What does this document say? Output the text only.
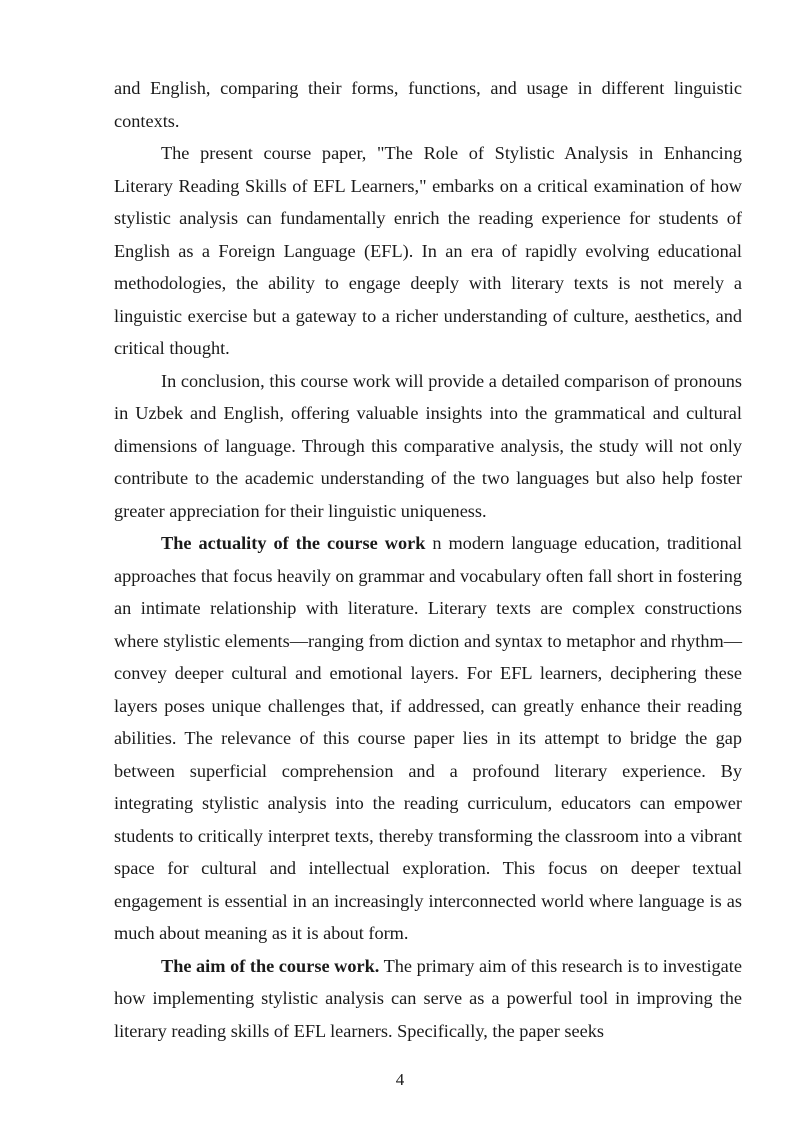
and English, comparing their forms, functions, and usage in different linguistic contexts.

The present course paper, "The Role of Stylistic Analysis in Enhancing Literary Reading Skills of EFL Learners," embarks on a critical examination of how stylistic analysis can fundamentally enrich the reading experience for students of English as a Foreign Language (EFL). In an era of rapidly evolving educational methodologies, the ability to engage deeply with literary texts is not merely a linguistic exercise but a gateway to a richer understanding of culture, aesthetics, and critical thought.

In conclusion, this course work will provide a detailed comparison of pronouns in Uzbek and English, offering valuable insights into the grammatical and cultural dimensions of language. Through this comparative analysis, the study will not only contribute to the academic understanding of the two languages but also help foster greater appreciation for their linguistic uniqueness.

The actuality of the course work n modern language education, traditional approaches that focus heavily on grammar and vocabulary often fall short in fostering an intimate relationship with literature. Literary texts are complex constructions where stylistic elements—ranging from diction and syntax to metaphor and rhythm—convey deeper cultural and emotional layers. For EFL learners, deciphering these layers poses unique challenges that, if addressed, can greatly enhance their reading abilities. The relevance of this course paper lies in its attempt to bridge the gap between superficial comprehension and a profound literary experience. By integrating stylistic analysis into the reading curriculum, educators can empower students to critically interpret texts, thereby transforming the classroom into a vibrant space for cultural and intellectual exploration. This focus on deeper textual engagement is essential in an increasingly interconnected world where language is as much about meaning as it is about form.

The aim of the course work. The primary aim of this research is to investigate how implementing stylistic analysis can serve as a powerful tool in improving the literary reading skills of EFL learners. Specifically, the paper seeks

4
